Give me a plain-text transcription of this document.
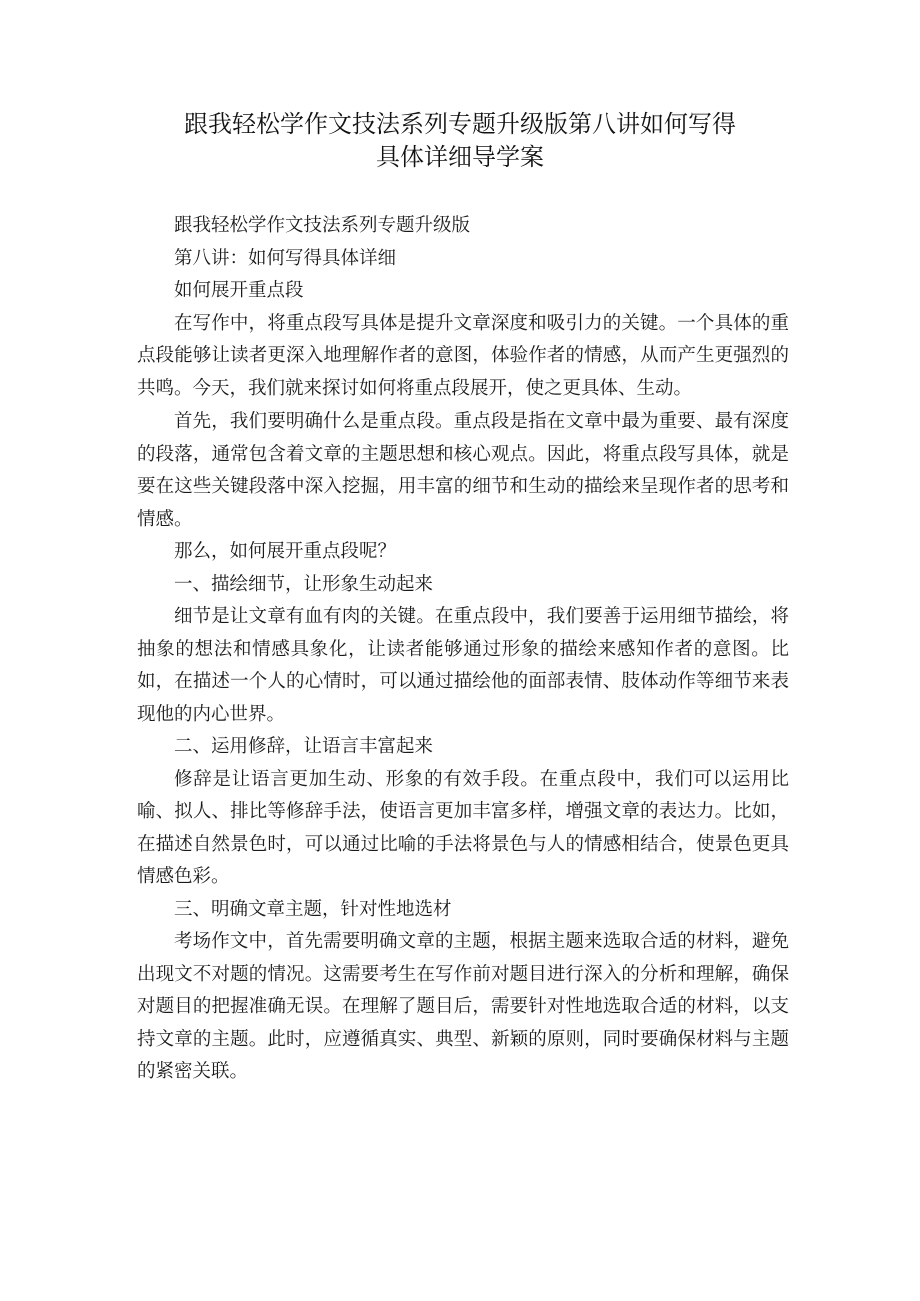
跟我轻松学作文技法系列专题升级版第八讲如何写得
具体详细导学案

跟我轻松学作文技法系列专题升级版

第八讲：如何写得具体详细

如何展开重点段

在写作中，将重点段写具体是提升文章深度和吸引力的关键。一个具体的重点段能够让读者更深入地理解作者的意图，体验作者的情感，从而产生更强烈的共鸣。今天，我们就来探讨如何将重点段展开，使之更具体、生动。

首先，我们要明确什么是重点段。重点段是指在文章中最为重要、最有深度的段落，通常包含着文章的主题思想和核心观点。因此，将重点段写具体，就是要在这些关键段落中深入挖掘，用丰富的细节和生动的描绘来呈现作者的思考和情感。

那么，如何展开重点段呢？

一、描绘细节，让形象生动起来

细节是让文章有血有肉的关键。在重点段中，我们要善于运用细节描绘，将抽象的想法和情感具象化，让读者能够通过形象的描绘来感知作者的意图。比如，在描述一个人的心情时，可以通过描绘他的面部表情、肢体动作等细节来表现他的内心世界。

二、运用修辞，让语言丰富起来

修辞是让语言更加生动、形象的有效手段。在重点段中，我们可以运用比喻、拟人、排比等修辞手法，使语言更加丰富多样，增强文章的表达力。比如，在描述自然景色时，可以通过比喻的手法将景色与人的情感相结合，使景色更具情感色彩。

三、明确文章主题，针对性地选材

考场作文中，首先需要明确文章的主题，根据主题来选取合适的材料，避免出现文不对题的情况。这需要考生在写作前对题目进行深入的分析和理解，确保对题目的把握准确无误。在理解了题目后，需要针对性地选取合适的材料，以支持文章的主题。此时，应遵循真实、典型、新颖的原则，同时要确保材料与主题的紧密关联。
